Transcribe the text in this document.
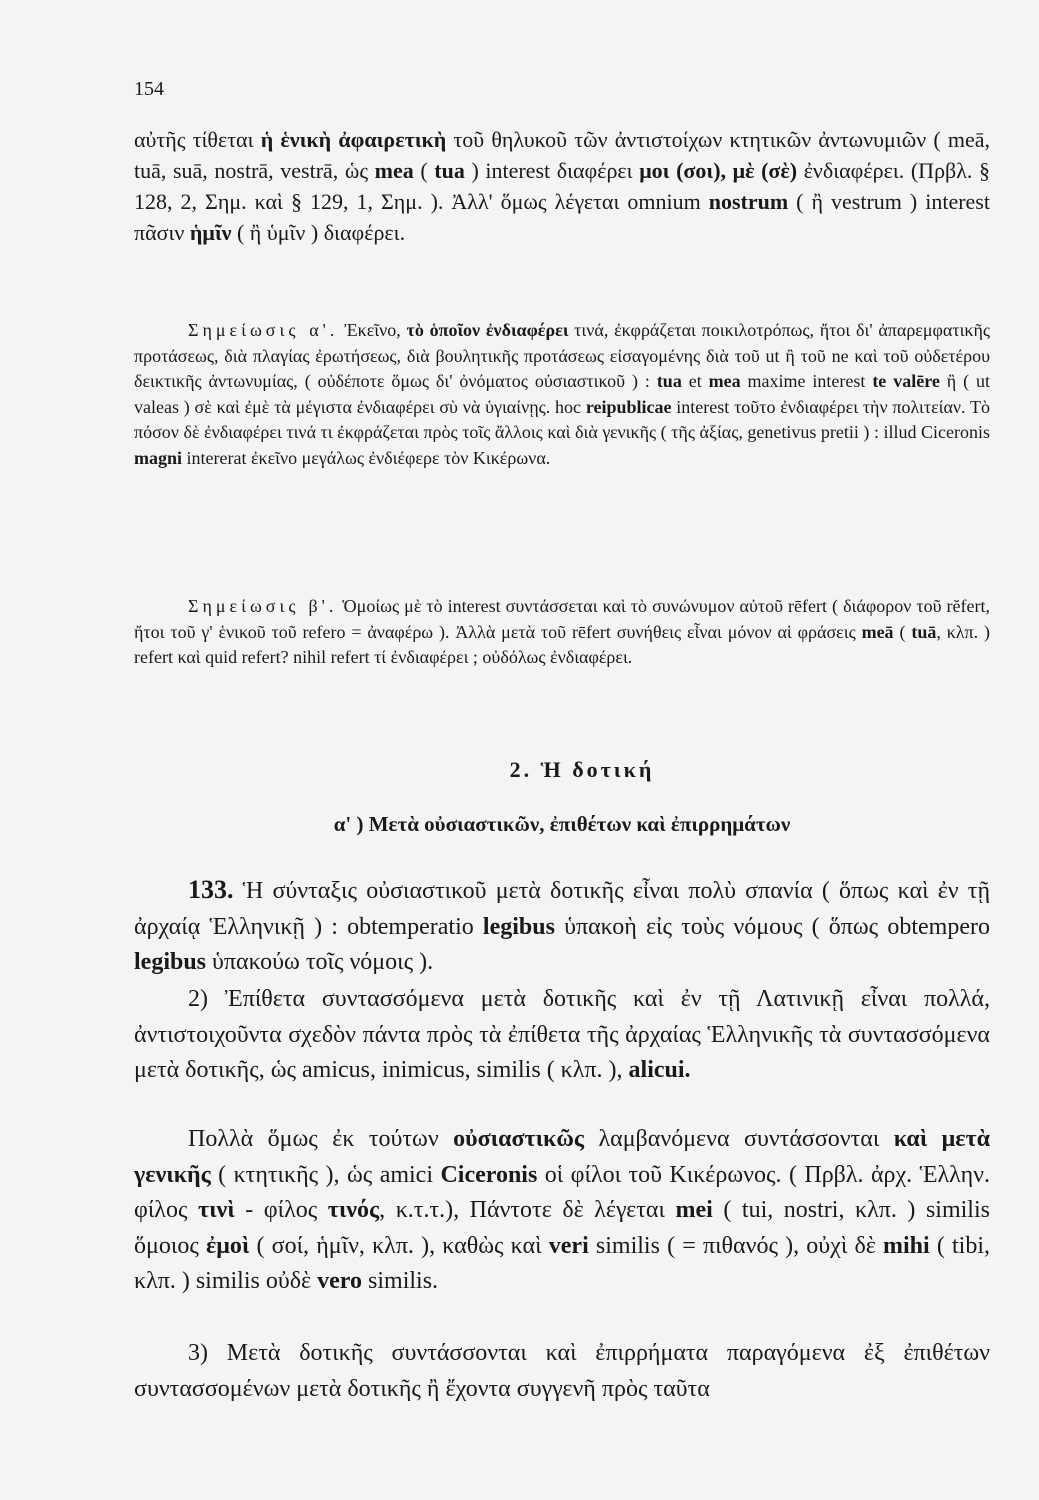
154

αὐτῆς τίθεται ἡ ἑνικὴ ἀφαιρετικὴ τοῦ θηλυκοῦ τῶν ἀντιστοίχων κτητικῶν ἀντωνυμιῶν ( meā, tuā, suā, nostrā, vestrā, ὡς mea ( tua ) interest διαφέρει μοι (σοι), μὲ (σὲ) ἐνδιαφέρει. (Πρβλ. § 128, 2, Σημ. καὶ § 129, 1, Σημ. ). Ἀλλ' ὅμως λέγεται omnium nostrum ( ἢ vestrum ) interest πᾶσιν ἡμῖν ( ἢ ὑμῖν ) διαφέρει.

Σημείωσις α'. Ἐκεῖνο, τὸ ὁποῖον ἐνδιαφέρει τινά, ἐκφράζεται ποικιλοτρόπως, ἤτοι δι' ἀπαρεμφατικῆς προτάσεως, διὰ πλαγίας ἐρωτήσεως, διὰ βουλητικῆς προτάσεως εἰσαγομένης διὰ τοῦ ut ἢ τοῦ ne καὶ τοῦ οὐδετέρου δεικτικῆς ἀντωνυμίας, ( οὐδέποτε ὅμως δι' ὀνόματος οὐσιαστικοῦ ) : tua et mea maxime interest te valēre ἢ ( ut valeas ) σὲ καὶ ἐμὲ τὰ μέγιστα ἐνδιαφέρει σὺ νὰ ὑγιαίνῃς. hoc reipublicae interest τοῦτο ἐνδιαφέρει τὴν πολιτείαν. Τὸ πόσον δὲ ἐνδιαφέρει τινά τι ἐκφράζεται πρὸς τοῖς ἄλλοις καὶ διὰ γενικῆς ( τῆς ἀξίας, genetivus pretii ) : illud Ciceronis magni intererat ἐκεῖνο μεγάλως ἐνδιέφερε τὸν Κικέρωνα.

Σημείωσις β'. Ὁμοίως μὲ τὸ interest συντάσσεται καὶ τὸ συνώνυμον αὐτοῦ rēfert ( διάφορον τοῦ rĕfert, ἤτοι τοῦ γ' ἑνικοῦ τοῦ refero = ἀναφέρω ). Ἀλλὰ μετὰ τοῦ rēfert συνήθεις εἶναι μόνον αἱ φράσεις meā ( tuā, κλπ. ) refert καὶ quid refert? nihil refert τί ἐνδιαφέρει ; οὐδόλως ἐνδιαφέρει.

2. Ἡ δοτική
α' ) Μετὰ οὐσιαστικῶν, ἐπιθέτων καὶ ἐπιρρημάτων

133. Ἡ σύνταξις οὐσιαστικοῦ μετὰ δοτικῆς εἶναι πολὺ σπανία ( ὅπως καὶ ἐν τῇ ἀρχαίᾳ Ἑλληνικῇ ) : obtemperatio legibus ὑπακοὴ εἰς τοὺς νόμους ( ὅπως obtempero legibus ὑπακούω τοῖς νόμοις ).

2) Ἐπίθετα συντασσόμενα μετὰ δοτικῆς καὶ ἐν τῇ Λατινικῇ εἶναι πολλά, ἀντιστοιχοῦντα σχεδὸν πάντα πρὸς τὰ ἐπίθετα τῆς ἀρχαίας Ἑλληνικῆς τὰ συντασσόμενα μετὰ δοτικῆς, ὡς amicus, inimicus, similis ( κλπ. ), alicui.

Πολλὰ ὅμως ἐκ τούτων οὐσιαστικῶς λαμβανόμενα συντάσσονται καὶ μετὰ γενικῆς ( κτητικῆς ), ὡς amici Ciceronis οἱ φίλοι τοῦ Κικέρωνος. ( Πρβλ. ἀρχ. Ἑλλην. φίλος τινὶ - φίλος τινός, κ.τ.τ.), Πάντοτε δὲ λέγεται mei ( tui, nostri, κλπ. ) similis ὅμοιος ἐμοὶ ( σοί, ἡμῖν, κλπ. ), καθὼς καὶ veri similis ( = πιθανός ), οὐχὶ δὲ mihi ( tibi, κλπ. ) similis οὐδὲ vero similis.

3) Μετὰ δοτικῆς συντάσσονται καὶ ἐπιρρήματα παραγόμενα ἐξ ἐπιθέτων συντασσομένων μετὰ δοτικῆς ἢ ἔχοντα συγγενῆ πρὸς ταῦτα
